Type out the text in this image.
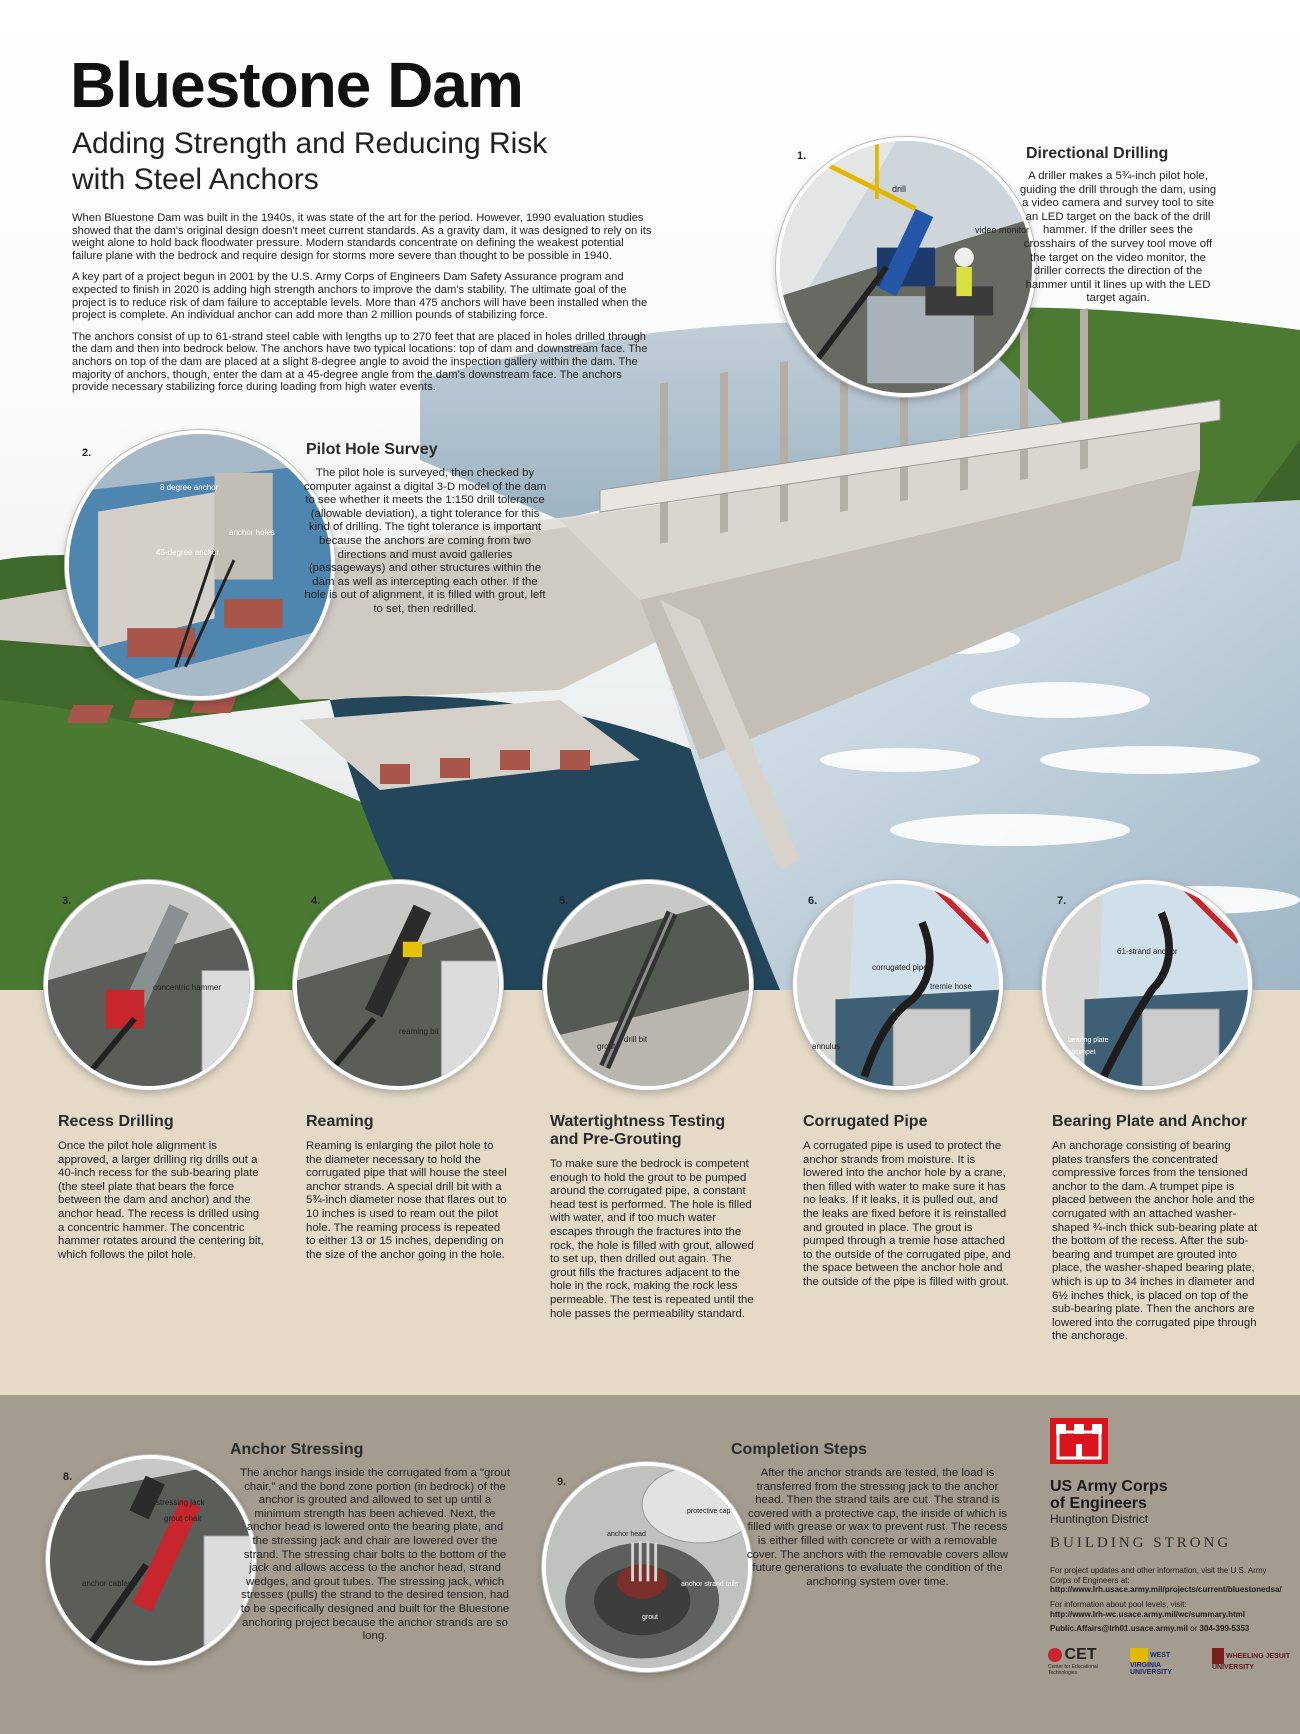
Bluestone Dam
Adding Strength and Reducing Risk
with Steel Anchors

When Bluestone Dam was built in the 1940s, it was state of the art for the period. However, 1990 evaluation studies showed that the dam's original design doesn't meet current standards. As a gravity dam, it was designed to rely on its weight alone to hold back floodwater pressure. Modern standards concentrate on defining the weakest potential failure plane with the bedrock and require design for storms more severe than thought to be possible in 1940.

A key part of a project begun in 2001 by the U.S. Army Corps of Engineers Dam Safety Assurance program and expected to finish in 2020 is adding high strength anchors to improve the dam's stability. The ultimate goal of the project is to reduce risk of dam failure to acceptable levels. More than 475 anchors will have been installed when the project is complete. An individual anchor can add more than 2 million pounds of stabilizing force.

The anchors consist of up to 61-strand steel cable with lengths up to 270 feet that are placed in holes drilled through the dam and then into bedrock below. The anchors have two typical locations: top of dam and downstream face. The anchors on top of the dam are placed at a slight 8-degree angle to avoid the inspection gallery within the dam. The majority of anchors, though, enter the dam at a 45-degree angle from the dam's downstream face. The anchors provide necessary stabilizing force during loading from high water events.

1.
drill
video monitor
Directional Drilling
A driller makes a 5¾-inch pilot hole, guiding the drill through the dam, using a video camera and survey tool to site an LED target on the back of the drill hammer. If the driller sees the crosshairs of the survey tool move off the target on the video monitor, the driller corrects the direction of the hammer until it lines up with the LED target again.
2.
8 degree anchor
45-degree anchor
anchor holes
Pilot Hole Survey
The pilot hole is surveyed, then checked by computer against a digital 3-D model of the dam to see whether it meets the 1:150 drill tolerance (allowable deviation), a tight tolerance for this kind of drilling. The tight tolerance is important because the anchors are coming from two directions and must avoid galleries (passageways) and other structures within the dam as well as intercepting each other. If the hole is out of alignment, it is filled with grout, left to set, then redrilled.
3.
concentric hammer
4.
reaming bit
5.
grout
drill bit
6.
corrugated pipe
tremie hose
annulus
7.
61-strand anchor
bearing plate
trumpet
Recess Drilling
Once the pilot hole alignment is approved, a larger drilling rig drills out a 40-inch recess for the sub-bearing plate (the steel plate that bears the force between the dam and anchor) and the anchor head. The recess is drilled using a concentric hammer. The concentric hammer rotates around the centering bit, which follows the pilot hole.
Reaming
Reaming is enlarging the pilot hole to the diameter necessary to hold the corrugated pipe that will house the steel anchor strands. A special drill bit with a 5¾-inch diameter nose that flares out to 10 inches is used to ream out the pilot hole. The reaming process is repeated to either 13 or 15 inches, depending on the size of the anchor going in the hole.
Watertightness Testing
and Pre-Grouting
To make sure the bedrock is competent enough to hold the grout to be pumped around the corrugated pipe, a constant head test is performed. The hole is filled with water, and if too much water escapes through the fractures into the rock, the hole is filled with grout, allowed to set up, then drilled out again. The grout fills the fractures adjacent to the hole in the rock, making the rock less permeable. The test is repeated until the hole passes the permeability standard.
Corrugated Pipe
A corrugated pipe is used to protect the anchor strands from moisture. It is lowered into the anchor hole by a crane, then filled with water to make sure it has no leaks. If it leaks, it is pulled out, and the leaks are fixed before it is reinstalled and grouted in place. The grout is pumped through a tremie hose attached to the outside of the corrugated pipe, and the space between the anchor hole and the outside of the pipe is filled with grout.
Bearing Plate and Anchor
An anchorage consisting of bearing plates transfers the concentrated compressive forces from the tensioned anchor to the dam. A trumpet pipe is placed between the anchor hole and the corrugated with an attached washer-shaped ¾-inch thick sub-bearing plate at the bottom of the recess. After the sub-bearing and trumpet are grouted into place, the washer-shaped bearing plate, which is up to 34 inches in diameter and 6½ inches thick, is placed on top of the sub-bearing plate. Then the anchors are lowered into the corrugated pipe through the anchorage.
8.
stressing jack
grout chair
anchor cables
Anchor Stressing
The anchor hangs inside the corrugated from a "grout chair," and the bond zone portion (in bedrock) of the anchor is grouted and allowed to set up until a minimum strength has been achieved. Next, the anchor head is lowered onto the bearing plate, and the stressing jack and chair are lowered over the strand. The stressing chair bolts to the bottom of the jack and allows access to the anchor head, strand wedges, and grout tubes. The stressing jack, which stresses (pulls) the strand to the desired tension, had to be specifically designed and built for the Bluestone anchoring project because the anchor strands are so long.
9.
protective cap
anchor head
anchor strand tails
grout
Completion Steps
After the anchor strands are tested, the load is transferred from the stressing jack to the anchor head. Then the strand tails are cut. The strand is covered with a protective cap, the inside of which is filled with grease or wax to prevent rust. The recess is either filled with concrete or with a removable cover. The anchors with the removable covers allow future generations to evaluate the condition of the anchoring system over time.
US Army Corps
of Engineers
Huntington District
BUILDING STRONG
For project updates and other information, visit the U.S. Army Corps of Engineers at:
http://www.lrh.usace.army.mil/projects/current/bluestonedsa/
For information about pool levels, visit:
http://www.lrh-wc.usace.army.mil/wc/summary.html
Public.Affairs@lrh01.usace.army.mil or 304-399-5353
CET
Center for Educational Technologies
WEST VIRGINIA UNIVERSITY
WHEELING JESUIT UNIVERSITY
